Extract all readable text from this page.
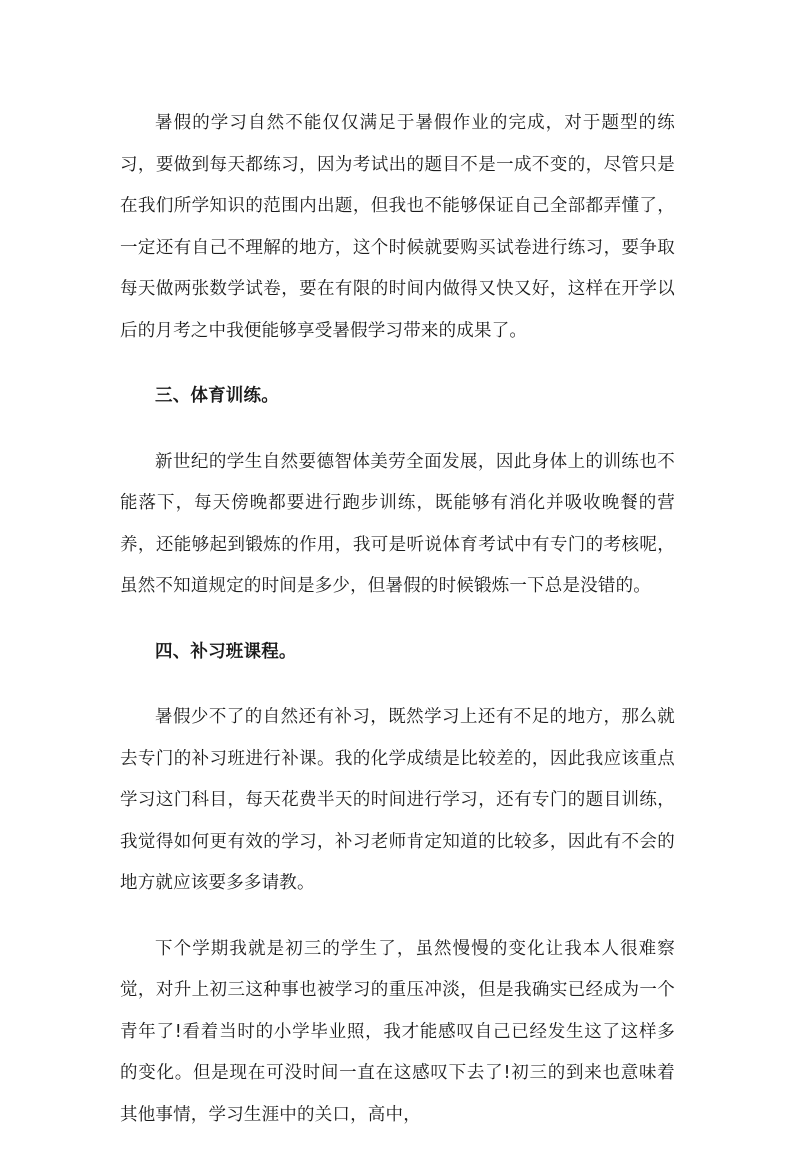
暑假的学习自然不能仅仅满足于暑假作业的完成，对于题型的练习，要做到每天都练习，因为考试出的题目不是一成不变的，尽管只是在我们所学知识的范围内出题，但我也不能够保证自己全部都弄懂了，一定还有自己不理解的地方，这个时候就要购买试卷进行练习，要争取每天做两张数学试卷，要在有限的时间内做得又快又好，这样在开学以后的月考之中我便能够享受暑假学习带来的成果了。

三、体育训练。

新世纪的学生自然要德智体美劳全面发展，因此身体上的训练也不能落下，每天傍晚都要进行跑步训练，既能够有消化并吸收晚餐的营养，还能够起到锻炼的作用，我可是听说体育考试中有专门的考核呢，虽然不知道规定的时间是多少，但暑假的时候锻炼一下总是没错的。

四、补习班课程。

暑假少不了的自然还有补习，既然学习上还有不足的地方，那么就去专门的补习班进行补课。我的化学成绩是比较差的，因此我应该重点学习这门科目，每天花费半天的时间进行学习，还有专门的题目训练，我觉得如何更有效的学习，补习老师肯定知道的比较多，因此有不会的地方就应该要多多请教。

下个学期我就是初三的学生了，虽然慢慢的变化让我本人很难察觉，对升上初三这种事也被学习的重压冲淡，但是我确实已经成为一个青年了!看着当时的小学毕业照，我才能感叹自己已经发生这了这样多的变化。但是现在可没时间一直在这感叹下去了!初三的到来也意味着其他事情，学习生涯中的关口，高中，
